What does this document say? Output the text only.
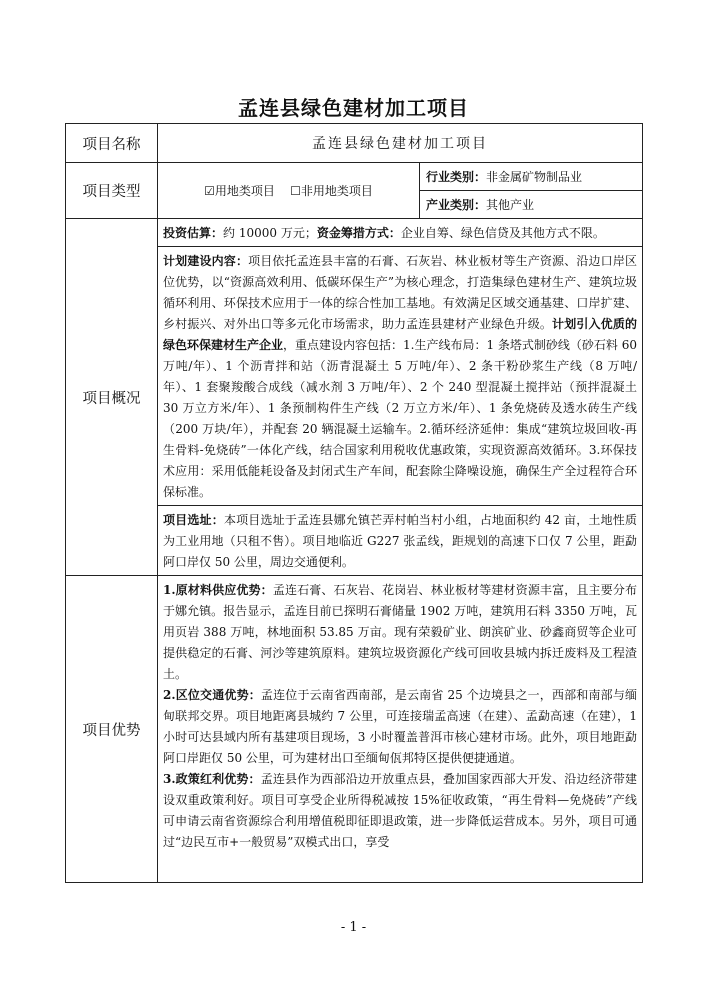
孟连县绿色建材加工项目
项目名称	孟连县绿色建材加工项目	
项目类型	☑用地类项目 ☐非用地类项目	行业类别：非金属矿物制品业
		产业类别：其他产业
项目概况	投资估算：约 10000 万元；资金筹措方式：企业自筹、绿色信贷及其他方式不限。	
	计划建设内容：项目依托孟连县丰富的石膏、石灰岩、林业板材等生产资源、沿边口岸区位优势，以“资源高效利用、低碳环保生产”为核心理念，打造集绿色建材生产、建筑垃圾循环利用、环保技术应用于一体的综合性加工基地。有效满足区域交通基建、口岸扩建、乡村振兴、对外出口等多元化市场需求，助力孟连县建材产业绿色升级。计划引入优质的绿色环保建材生产企业，重点建设内容包括：1.生产线布局：1 条塔式制砂线（砂石料 60 万吨/年）、1 个沥青拌和站（沥青混凝土 5 万吨/年）、2 条干粉砂浆生产线（8 万吨/年）、1 套聚羧酸合成线（减水剂 3 万吨/年）、2 个 240 型混凝土搅拌站（预拌混凝土 30 万立方米/年）、1 条预制构件生产线（2 万立方米/年）、1 条免烧砖及透水砖生产线（200 万块/年），并配套 20 辆混凝土运输车。2.循环经济延伸：集成“建筑垃圾回收-再生骨料-免烧砖”一体化产线，结合国家利用税收优惠政策，实现资源高效循环。3.环保技术应用：采用低能耗设备及封闭式生产车间，配套除尘降噪设施，确保生产全过程符合环保标准。	
	项目选址：本项目选址于孟连县娜允镇芒弄村帕当村小组，占地面积约 42 亩，土地性质为工业用地（只租不售）。项目地临近 G227 张孟线，距规划的高速下口仅 7 公里，距勐阿口岸仅 50 公里，周边交通便利。	
项目优势	1.原材料供应优势：孟连石膏、石灰岩、花岗岩、林业板材等建材资源丰富，且主要分布于娜允镇。报告显示，孟连目前已探明石膏储量 1902 万吨，建筑用石料 3350 万吨，瓦用页岩 388 万吨，林地面积 53.85 万亩。现有荣毅矿业、朗滨矿业、砂鑫商贸等企业可提供稳定的石膏、河沙等建筑原料。建筑垃圾资源化产线可回收县城内拆迁废料及工程渣土。
2.区位交通优势：孟连位于云南省西南部，是云南省 25 个边境县之一，西部和南部与缅甸联邦交界。项目地距离县城约 7 公里，可连接瑞孟高速（在建）、孟勐高速（在建），1 小时可达县域内所有基建项目现场，3 小时覆盖普洱市核心建材市场。此外，项目地距勐阿口岸距仅 50 公里，可为建材出口至缅甸佤邦特区提供便捷通道。
3.政策红利优势：孟连县作为西部沿边开放重点县，叠加国家西部大开发、沿边经济带建设双重政策利好。项目可享受企业所得税减按 15%征收政策，“再生骨料—免烧砖”产线可申请云南省资源综合利用增值税即征即退政策，进一步降低运营成本。另外，项目可通过“边民互市+一般贸易”双模式出口，享受	
- 1 -
